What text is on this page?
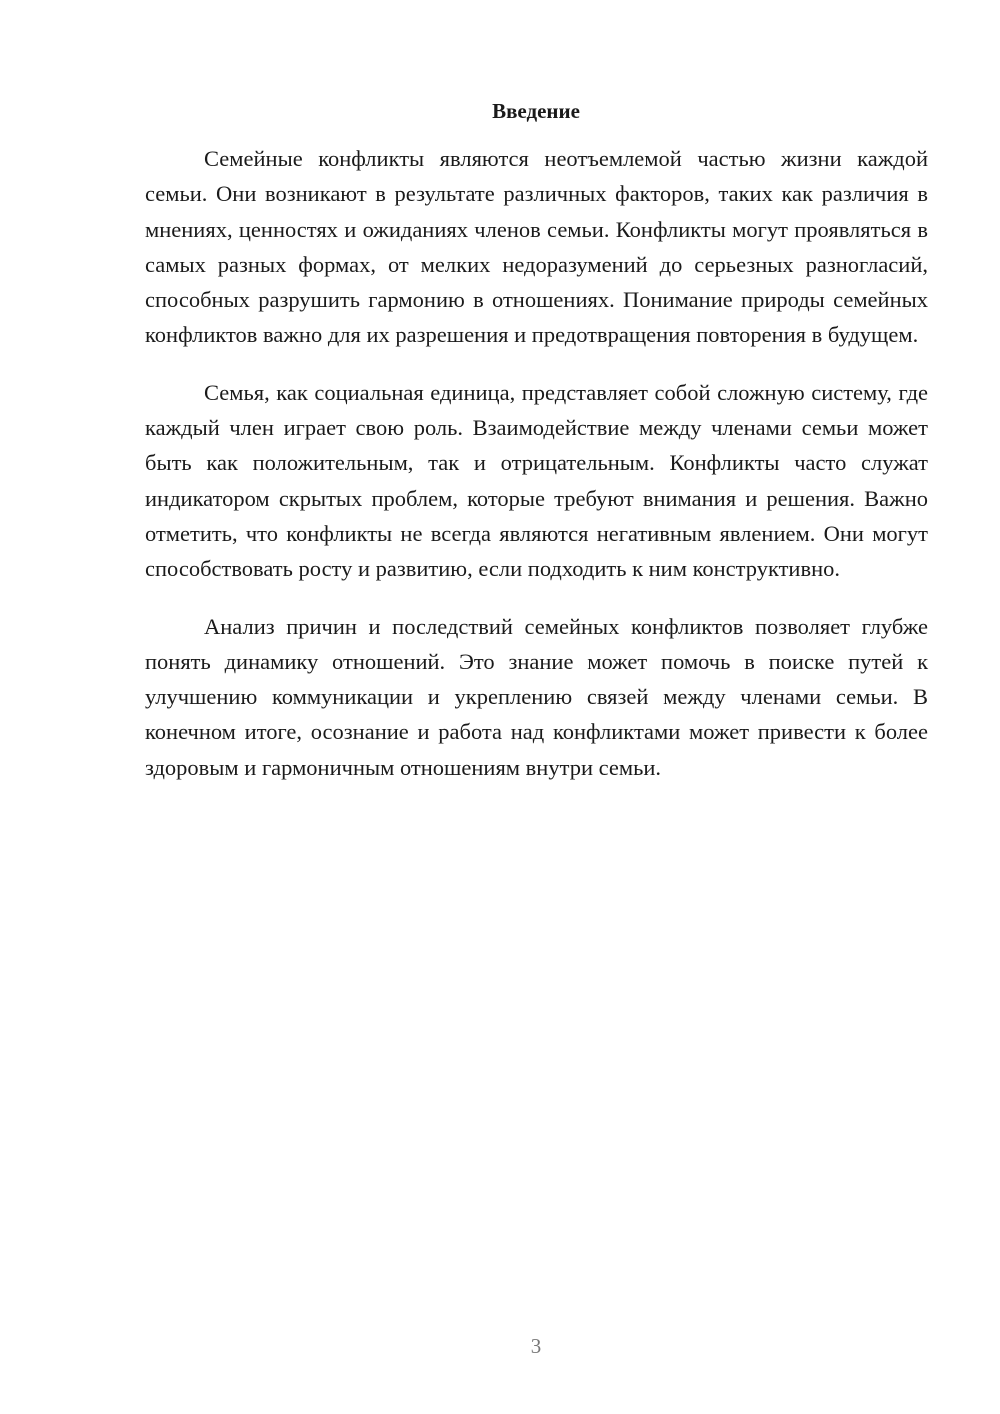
Введение

Семейные конфликты являются неотъемлемой частью жизни каждой семьи. Они возникают в результате различных факторов, таких как различия в мнениях, ценностях и ожиданиях членов семьи. Конфликты могут проявляться в самых разных формах, от мелких недоразумений до серьезных разногласий, способных разрушить гармонию в отношениях. Понимание природы семейных конфликтов важно для их разрешения и предотвращения повторения в будущем.

Семья, как социальная единица, представляет собой сложную систему, где каждый член играет свою роль. Взаимодействие между членами семьи может быть как положительным, так и отрицательным. Конфликты часто служат индикатором скрытых проблем, которые требуют внимания и решения. Важно отметить, что конфликты не всегда являются негативным явлением. Они могут способствовать росту и развитию, если подходить к ним конструктивно.

Анализ причин и последствий семейных конфликтов позволяет глубже понять динамику отношений. Это знание может помочь в поиске путей к улучшению коммуникации и укреплению связей между членами семьи. В конечном итоге, осознание и работа над конфликтами может привести к более здоровым и гармоничным отношениям внутри семьи.

3
